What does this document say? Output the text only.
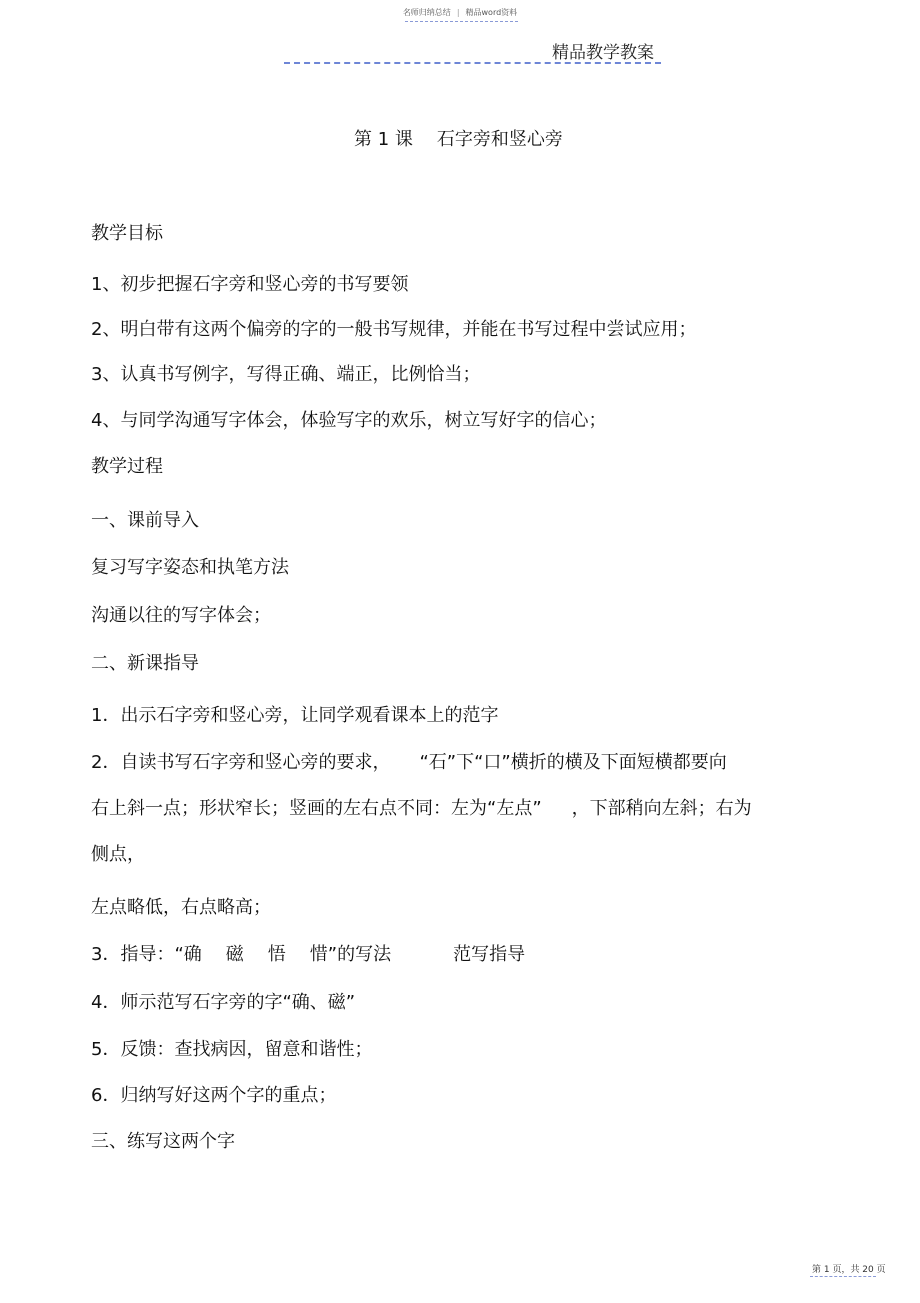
名师归纳总结 | 精品word资料
精品教学教案
第 1 课 石字旁和竖心旁
教学目标
1、初步把握石字旁和竖心旁的书写要领
2、明白带有这两个偏旁的字的一般书写规律，并能在书写过程中尝试应用；
3、认真书写例字，写得正确、端正，比例恰当；
4、与同学沟通写字体会，体验写字的欢乐，树立写好字的信心；
教学过程
一、课前导入
复习写字姿态和执笔方法
沟通以往的写字体会；
二、新课指导
1．出示石字旁和竖心旁，让同学观看课本上的范字
2．自读书写石字旁和竖心旁的要求， “石”下“口”横折的横及下面短横都要向
右上斜一点；形状窄长；竖画的左右点不同：左为“左点” ，下部稍向左斜；右为
侧点，
左点略低，右点略高；
3．指导：“确 磁 悟 惜”的写法	范写指导
4．师示范写石字旁的字“确、磁”
5．反馈：查找病因，留意和谐性；
6．归纳写好这两个字的重点；
三、练写这两个字
第 1 页，共 20 页
